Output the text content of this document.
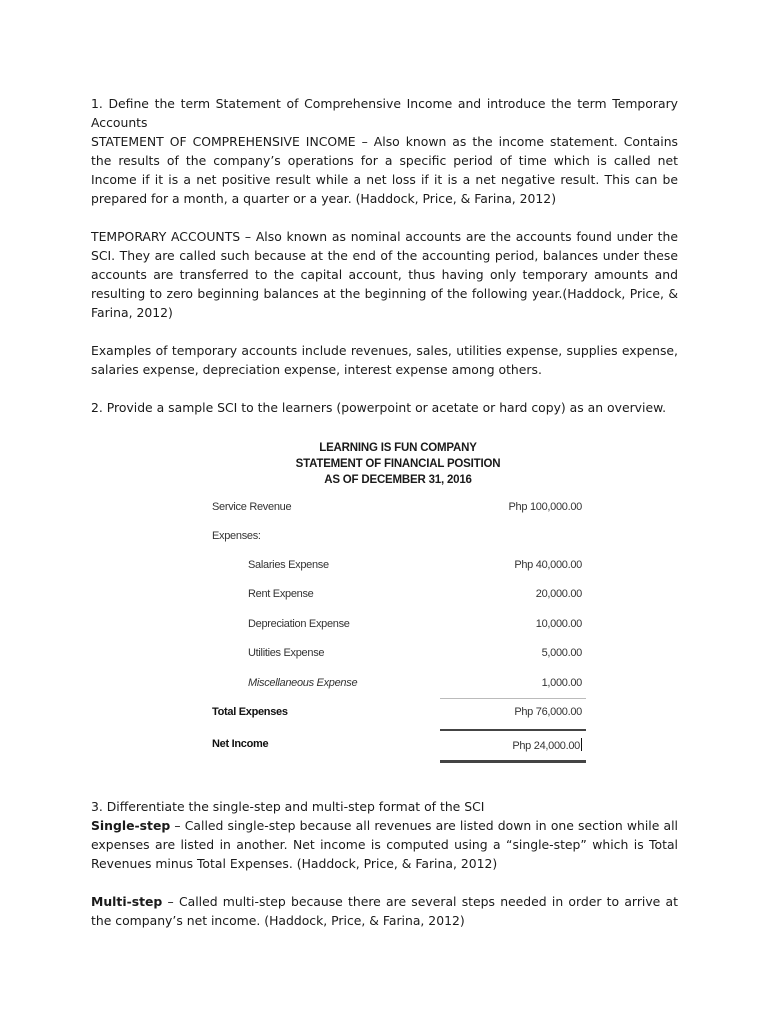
1. Define the term Statement of Comprehensive Income and introduce the term Temporary Accounts

STATEMENT OF COMPREHENSIVE INCOME – Also known as the income statement. Contains the results of the company’s operations for a specific period of time which is called net Income if it is a net positive result while a net loss if it is a net negative result. This can be prepared for a month, a quarter or a year. (Haddock, Price, & Farina, 2012)

TEMPORARY ACCOUNTS – Also known as nominal accounts are the accounts found under the SCI. They are called such because at the end of the accounting period, balances under these accounts are transferred to the capital account, thus having only temporary amounts and resulting to zero beginning balances at the beginning of the following year.(Haddock, Price, & Farina, 2012)

Examples of temporary accounts include revenues, sales, utilities expense, supplies expense, salaries expense, depreciation expense, interest expense among others.

2. Provide a sample SCI to the learners (powerpoint or acetate or hard copy) as an overview.

LEARNING IS FUN COMPANY
STATEMENT OF FINANCIAL POSITION
AS OF DECEMBER 31, 2016
Service Revenue	Php 100,000.00
Expenses:
Salaries Expense	Php 40,000.00
Rent Expense	20,000.00
Depreciation Expense	10,000.00
Utilities Expense	5,000.00
Miscellaneous Expense	1,000.00
Total Expenses	Php 76,000.00
Net Income	Php 24,000.00

3. Differentiate the single-step and multi-step format of the SCI

Single-step – Called single-step because all revenues are listed down in one section while all expenses are listed in another. Net income is computed using a “single-step” which is Total Revenues minus Total Expenses. (Haddock, Price, & Farina, 2012)

Multi-step – Called multi-step because there are several steps needed in order to arrive at the company’s net income. (Haddock, Price, & Farina, 2012)
